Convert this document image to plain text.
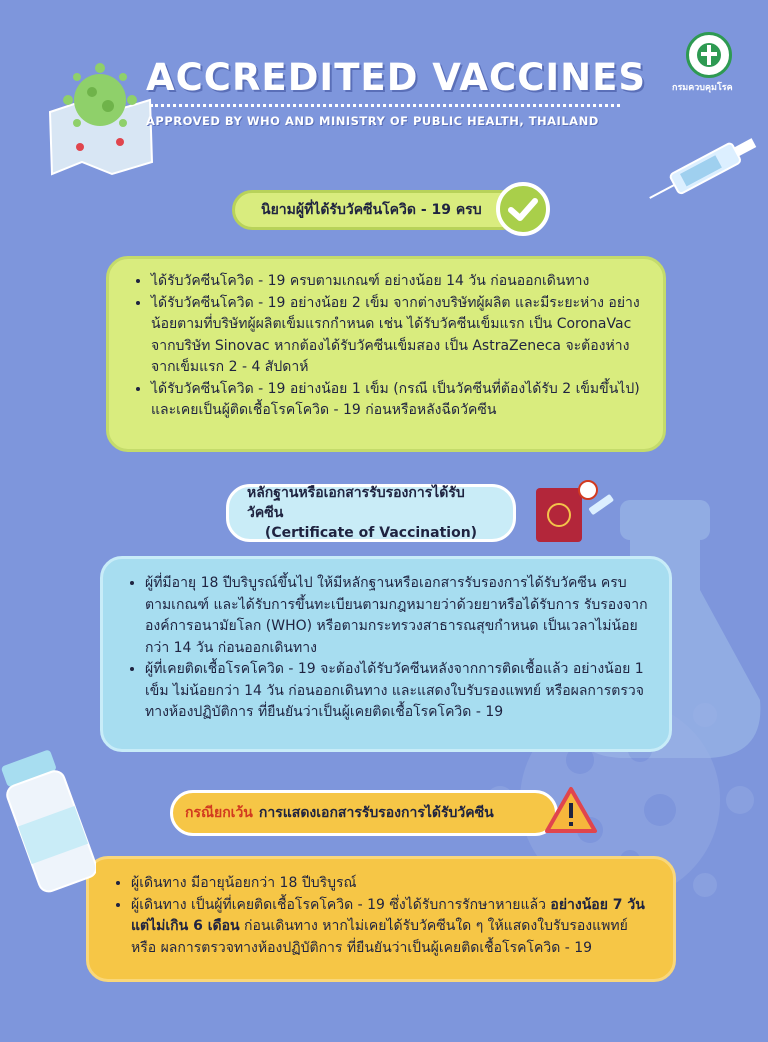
ACCREDITED VACCINES
APPROVED BY WHO AND MINISTRY OF PUBLIC HEALTH, THAILAND
กรมควบคุมโรค
นิยามผู้ที่ได้รับวัคซีนโควิด - 19 ครบ
• ได้รับวัคซีนโควิด - 19 ครบตามเกณฑ์ อย่างน้อย 14 วัน ก่อนออกเดินทาง
• ได้รับวัคซีนโควิด - 19 อย่างน้อย 2 เข็ม จากต่างบริษัทผู้ผลิต และมีระยะห่าง อย่างน้อยตามที่บริษัทผู้ผลิตเข็มแรกกำหนด เช่น ได้รับวัคซีนเข็มแรก เป็น CoronaVac จากบริษัท Sinovac หากต้องได้รับวัคซีนเข็มสอง เป็น AstraZeneca จะต้องห่างจากเข็มแรก 2 - 4 สัปดาห์
• ได้รับวัคซีนโควิด - 19 อย่างน้อย 1 เข็ม (กรณี เป็นวัคซีนที่ต้องได้รับ 2 เข็มขึ้นไป) และเคยเป็นผู้ติดเชื้อโรคโควิด - 19 ก่อนหรือหลังฉีดวัคซีน
หลักฐานหรือเอกสารรับรองการได้รับวัคซีน
(Certificate of Vaccination)
• ผู้ที่มีอายุ 18 ปีบริบูรณ์ขึ้นไป ให้มีหลักฐานหรือเอกสารรับรองการได้รับวัคซีน ครบตามเกณฑ์ และได้รับการขึ้นทะเบียนตามกฎหมายว่าด้วยยาหรือได้รับการ รับรองจากองค์การอนามัยโลก (WHO) หรือตามกระทรวงสาธารณสุขกำหนด เป็นเวลาไม่น้อยกว่า 14 วัน ก่อนออกเดินทาง
• ผู้ที่เคยติดเชื้อโรคโควิด - 19 จะต้องได้รับวัคซีนหลังจากการติดเชื้อแล้ว อย่างน้อย 1 เข็ม ไม่น้อยกว่า 14 วัน ก่อนออกเดินทาง และแสดงใบรับรองแพทย์ หรือผลการตรวจทางห้องปฏิบัติการ ที่ยืนยันว่าเป็นผู้เคยติดเชื้อโรคโควิด - 19
กรณียกเว้น การแสดงเอกสารรับรองการได้รับวัคซีน
• ผู้เดินทาง มีอายุน้อยกว่า 18 ปีบริบูรณ์
• ผู้เดินทาง เป็นผู้ที่เคยติดเชื้อโรคโควิด - 19 ซึ่งได้รับการรักษาหายแล้ว อย่างน้อย 7 วัน แต่ไม่เกิน 6 เดือน ก่อนเดินทาง หากไม่เคยได้รับวัคซีนใด ๆ ให้แสดงใบรับรองแพทย์ หรือ ผลการตรวจทางห้องปฏิบัติการ ที่ยืนยันว่าเป็นผู้เคยติดเชื้อโรคโควิด - 19
